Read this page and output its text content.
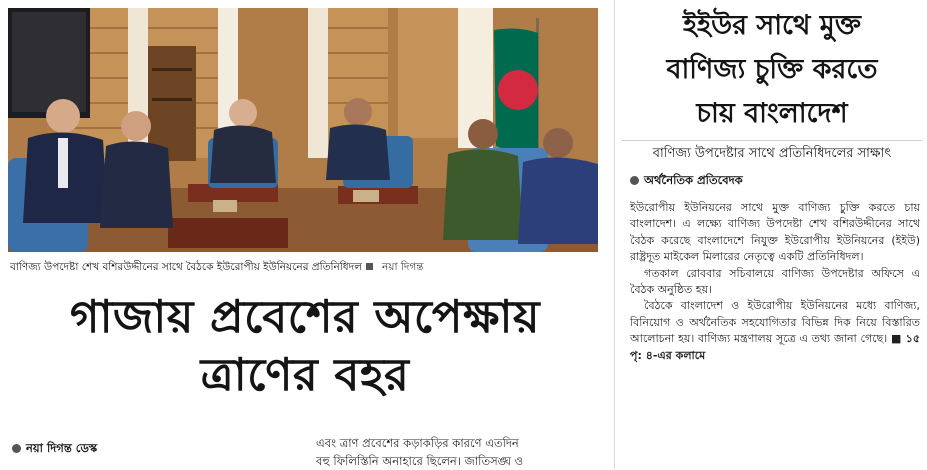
বাণিজ্য উপদেষ্টা শেখ বশিরউদ্দীনের সাথে বৈঠকে ইউরোপীয় ইউনিয়নের প্রতিনিধিদল নয়া দিগন্ত
গাজায় প্রবেশের অপেক্ষায়
ত্রাণের বহর
নয়া দিগন্ত ডেস্ক	এবং ত্রাণ প্রবেশের কড়াকড়ির কারণে এতদিন
বহু ফিলিস্তিনি অনাহারে ছিলেন। জাতিসঙ্ঘ ও
ইইউর সাথে মুক্ত
বাণিজ্য চুক্তি করতে
চায় বাংলাদেশ
বাণিজ্য উপদেষ্টার সাথে প্রতিনিধিদলের সাক্ষাৎ
অর্থনৈতিক প্রতিবেদক

ইউরোপীয় ইউনিয়নের সাথে মুক্ত বাণিজ্য চুক্তি করতে চায় বাংলাদেশ। এ লক্ষ্যে বাণিজ্য উপদেষ্টা শেখ বশিরউদ্দীনের সাথে বৈঠক করেছে বাংলাদেশে নিযুক্ত ইউরোপীয় ইউনিয়নের (ইইউ) রাষ্ট্রদূত মাইকেল মিলারের নেতৃত্বে একটি প্রতিনিধিদল।

গতকাল রোববার সচিবালয়ে বাণিজ্য উপদেষ্টার অফিসে এ বৈঠক অনুষ্ঠিত হয়।

বৈঠকে বাংলাদেশ ও ইউরোপীয় ইউনিয়নের মধ্যে বাণিজ্য, বিনিয়োগ ও অর্থনৈতিক সহযোগিতার বিভিন্ন দিক নিয়ে বিস্তারিত আলোচনা হয়। বাণিজ্য মন্ত্রণালয় সূত্রে এ তথ্য জানা গেছে। ■ ১৫ পৃ: ৪-এর কলামে
